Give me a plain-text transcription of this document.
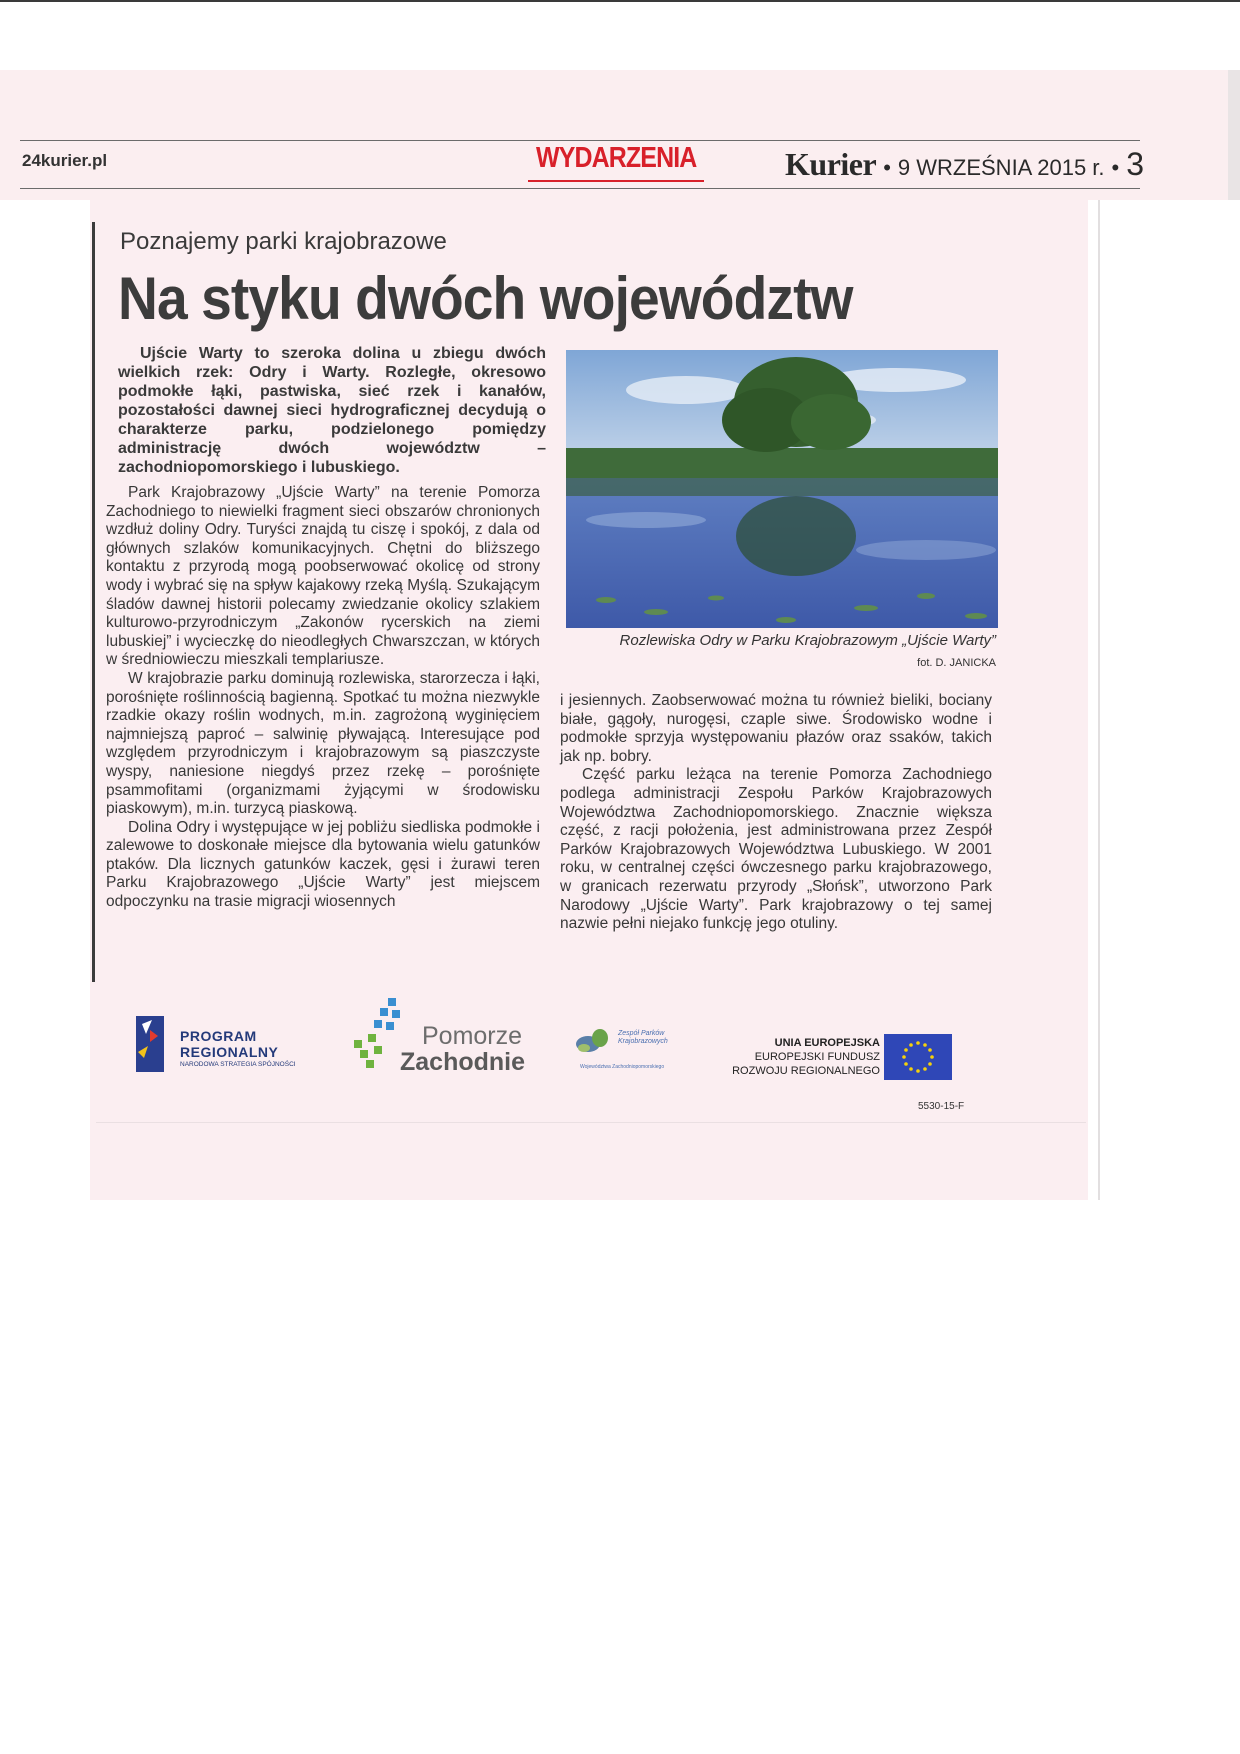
24kurier.pl	WYDARZENIA	Kurier • 9 WRZEŚNIA 2015 r. • 3
Poznajemy parki krajobrazowe
Na styku dwóch województw

Ujście Warty to szeroka dolina u zbiegu dwóch wielkich rzek: Odry i Warty. Rozległe, okresowo podmokłe łąki, pastwiska, sieć rzek i kanałów, pozostałości dawnej sieci hydrograficznej decydują o charakterze parku, podzielonego pomiędzy administrację dwóch województw – zachodniopomorskiego i lubuskiego.

Park Krajobrazowy „Ujście Warty” na terenie Pomorza Zachodniego to niewielki fragment sieci obszarów chronionych wzdłuż doliny Odry. Turyści znajdą tu ciszę i spokój, z dala od głównych szlaków komunikacyjnych. Chętni do bliższego kontaktu z przyrodą mogą poobserwować okolicę od strony wody i wybrać się na spływ kajakowy rzeką Myślą. Szukającym śladów dawnej historii polecamy zwiedzanie okolicy szlakiem kulturowo-przyrodniczym „Zakonów rycerskich na ziemi lubuskiej” i wycieczkę do nieodległych Chwarszczan, w których w średniowieczu mieszkali templariusze.

W krajobrazie parku dominują rozlewiska, starorzecza i łąki, porośnięte roślinnością bagienną. Spotkać tu można niezwykle rzadkie okazy roślin wodnych, m.in. zagrożoną wyginięciem najmniejszą paproć – salwinię pływającą. Interesujące pod względem przyrodniczym i krajobrazowym są piaszczyste wyspy, naniesione niegdyś przez rzekę – porośnięte psammofitami (organizmami żyjącymi w środowisku piaskowym), m.in. turzycą piaskową.

Dolina Odry i występujące w jej pobliżu siedliska podmokłe i zalewowe to doskonałe miejsce dla bytowania wielu gatunków ptaków. Dla licznych gatunków kaczek, gęsi i żurawi teren Parku Krajobrazowego „Ujście Warty” jest miejscem odpoczynku na trasie migracji wiosennych

Rozlewiska Odry w Parku Krajobrazowym „Ujście Warty”
fot. D. JANICKA

i jesiennych. Zaobserwować można tu również bieliki, bociany białe, gągoły, nurogęsi, czaple siwe. Środowisko wodne i podmokłe sprzyja występowaniu płazów oraz ssaków, takich jak np. bobry.

Część parku leżąca na terenie Pomorza Zachodniego podlega administracji Zespołu Parków Krajobrazowych Województwa Zachodniopomorskiego. Znacznie większa część, z racji położenia, jest administrowana przez Zespół Parków Krajobrazowych Województwa Lubuskiego. W 2001 roku, w centralnej części ówczesnego parku krajobrazowego, w granicach rezerwatu przyrody „Słońsk”, utworzono Park Narodowy „Ujście Warty”. Park krajobrazowy o tej samej nazwie pełni niejako funkcję jego otuliny.

PROGRAM
REGIONALNY
NARODOWA STRATEGIA SPÓJNOŚCI
Pomorze
Zachodnie
Zespół Parków Krajobrazowych
Województwa Zachodniopomorskiego
UNIA EUROPEJSKA
EUROPEJSKI FUNDUSZ
ROZWOJU REGIONALNEGO
5530-15-F
